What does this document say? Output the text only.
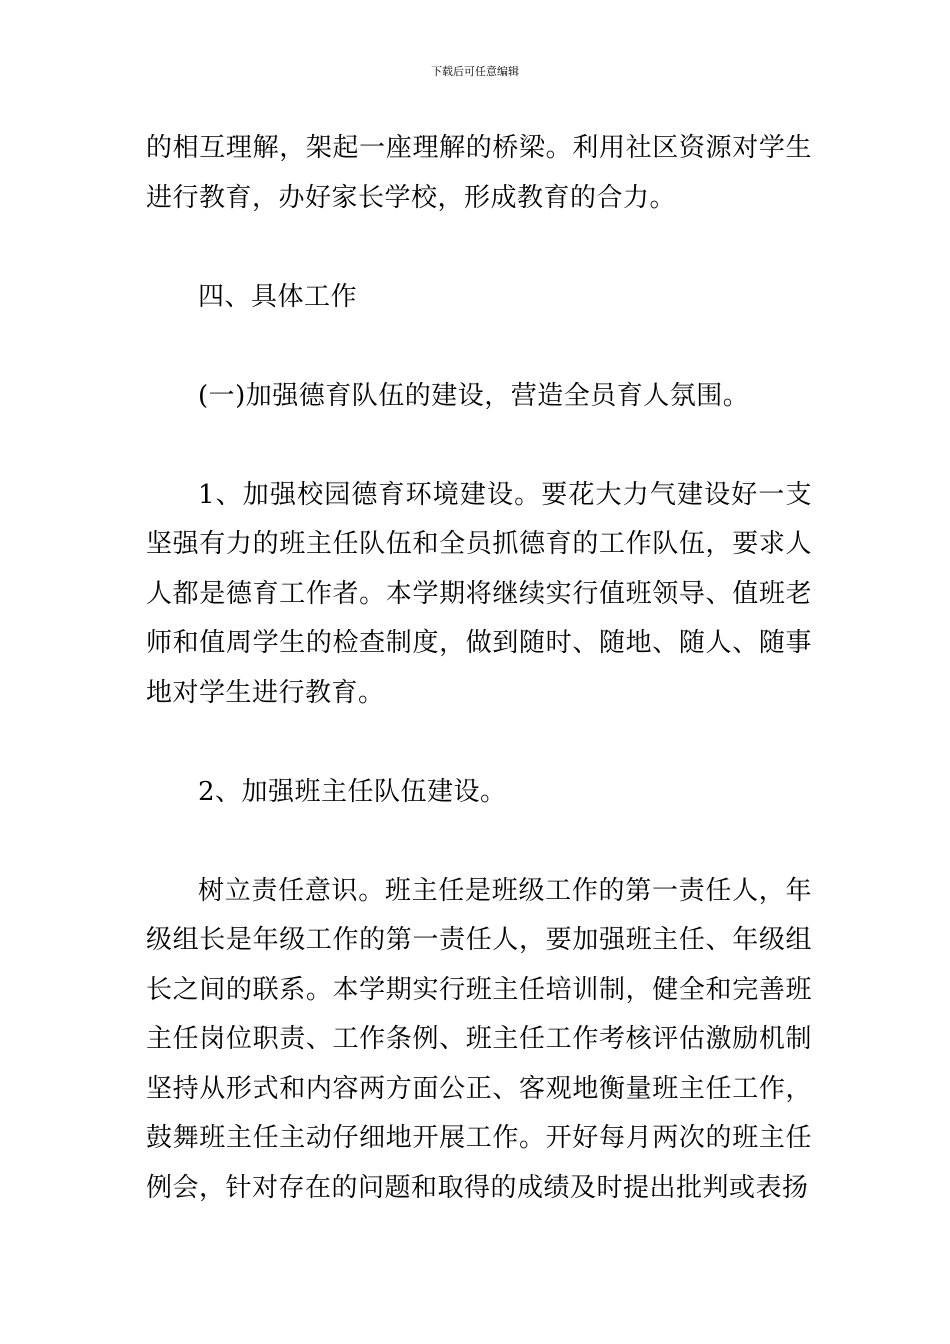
下载后可任意编辑

的相互理解，架起一座理解的桥梁。利用社区资源对学生进行教育，办好家长学校，形成教育的合力。

四、具体工作

(一)加强德育队伍的建设，营造全员育人氛围。

1、加强校园德育环境建设。要花大力气建设好一支坚强有力的班主任队伍和全员抓德育的工作队伍，要求人人都是德育工作者。本学期将继续实行值班领导、值班老师和值周学生的检查制度，做到随时、随地、随人、随事地对学生进行教育。

2、加强班主任队伍建设。

树立责任意识。班主任是班级工作的第一责任人，年级组长是年级工作的第一责任人，要加强班主任、年级组长之间的联系。本学期实行班主任培训制，健全和完善班主任岗位职责、工作条例、班主任工作考核评估激励机制坚持从形式和内容两方面公正、客观地衡量班主任工作，鼓舞班主任主动仔细地开展工作。开好每月两次的班主任例会，针对存在的问题和取得的成绩及时提出批判或表扬
